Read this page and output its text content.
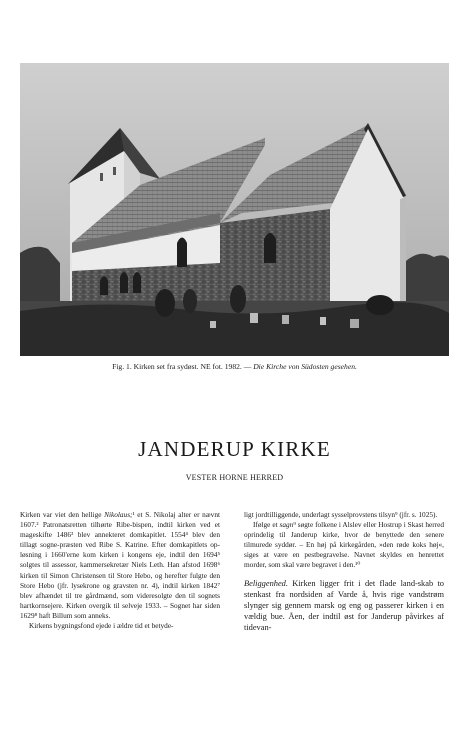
Fig. 1. Kirken set fra sydøst. NE fot. 1982. — Die Kirche von Südosten gesehen.
JANDERUP KIRKE
VESTER HORNE HERRED

Kirken var viet den hellige Nikolaus;¹ et S. Nikolaj alter er nævnt 1607.² Patronatsretten tilhørte Ribe-bispen, indtil kirken ved et mageskifte 1486³ blev annekteret domkapitlet. 1554⁴ blev den tillagt sogne-præsten ved Ribe S. Katrine. Efter domkapitlets op-løsning i 1660'erne kom kirken i kongens eje, indtil den 1694⁵ solgtes til assessor, kammersekretær Niels Leth. Han afstod 1698⁶ kirken til Simon Christensen til Store Hebo, og herefter fulgte den Store Hebo (jfr. lysekrone og gravsten nr. 4), indtil kirken 1842⁷ blev afhændet til tre gårdmænd, som videresolgte den til sognets hartkornsejere. Kirken overgik til selveje 1933. – Sognet har siden 1629⁸ haft Billum som anneks.

Kirkens bygningsfond ejede i ældre tid et betyde-

ligt jordtilliggende, underlagt sysselprovstens tilsyn⁹ (jfr. s. 1025).

Ifølge et sagn⁹ søgte folkene i Alslev eller Hostrup i Skast herred oprindelig til Janderup kirke, hvor de benyttede den senere tilmurede syddør. – En høj på kirkegården, »den røde koks høj«, siges at være en pestbegravelse. Navnet skyldes en henrettet morder, som skal være begravet i den.¹⁰

Beliggenhed. Kirken ligger frit i det flade land-skab to stenkast fra nordsiden af Varde å, hvis rige vandstrøm slynger sig gennem marsk og eng og passerer kirken i en vældig bue. Åen, der indtil øst for Janderup påvirkes af tidevan-
